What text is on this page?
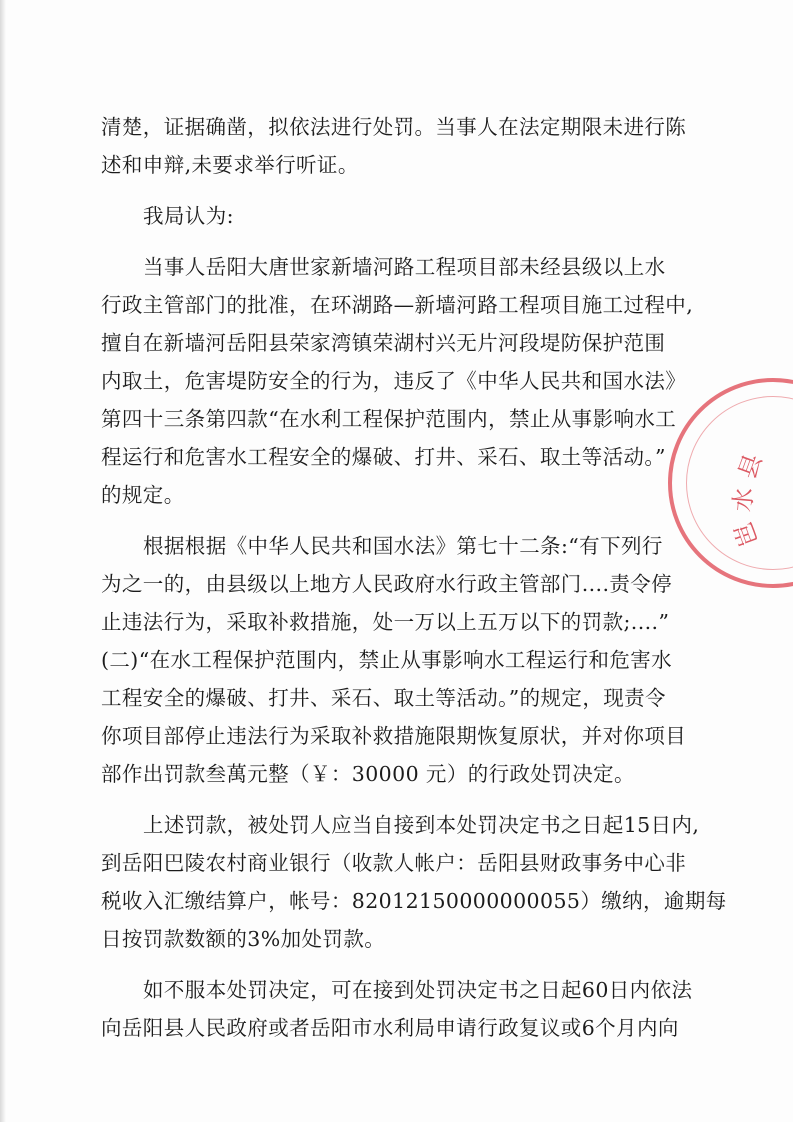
清楚，证据确凿，拟依法进行处罚。当事人在法定期限未进行陈
述和申辩,未要求举行听证。
我局认为:
当事人岳阳大唐世家新墙河路工程项目部未经县级以上水
行政主管部门的批准，在环湖路—新墙河路工程项目施工过程中,
擅自在新墙河岳阳县荣家湾镇荣湖村兴无片河段堤防保护范围
内取土，危害堤防安全的行为，违反了《中华人民共和国水法》
第四十三条第四款“在水利工程保护范围内，禁止从事影响水工
程运行和危害水工程安全的爆破、打井、采石、取土等活动。”
的规定。
根据根据《中华人民共和国水法》第七十二条:“有下列行
为之一的，由县级以上地方人民政府水行政主管部门....责令停
止违法行为，采取补救措施，处一万以上五万以下的罚款;....”
(二)“在水工程保护范围内，禁止从事影响水工程运行和危害水
工程安全的爆破、打井、采石、取土等活动。”的规定，现责令
你项目部停止违法行为采取补救措施限期恢复原状，并对你项目
部作出罚款叁萬元整（￥：30000 元）的行政处罚决定。
上述罚款，被处罚人应当自接到本处罚决定书之日起15日内,
到岳阳巴陵农村商业银行（收款人帐户：岳阳县财政事务中心非
税收入汇缴结算户，帐号：82012150000000055）缴纳，逾期每
日按罚款数额的3%加处罚款。
如不服本处罚决定，可在接到处罚决定书之日起60日内依法
向岳阳县人民政府或者岳阳市水利局申请行政复议或6个月内向
县
水
岜
